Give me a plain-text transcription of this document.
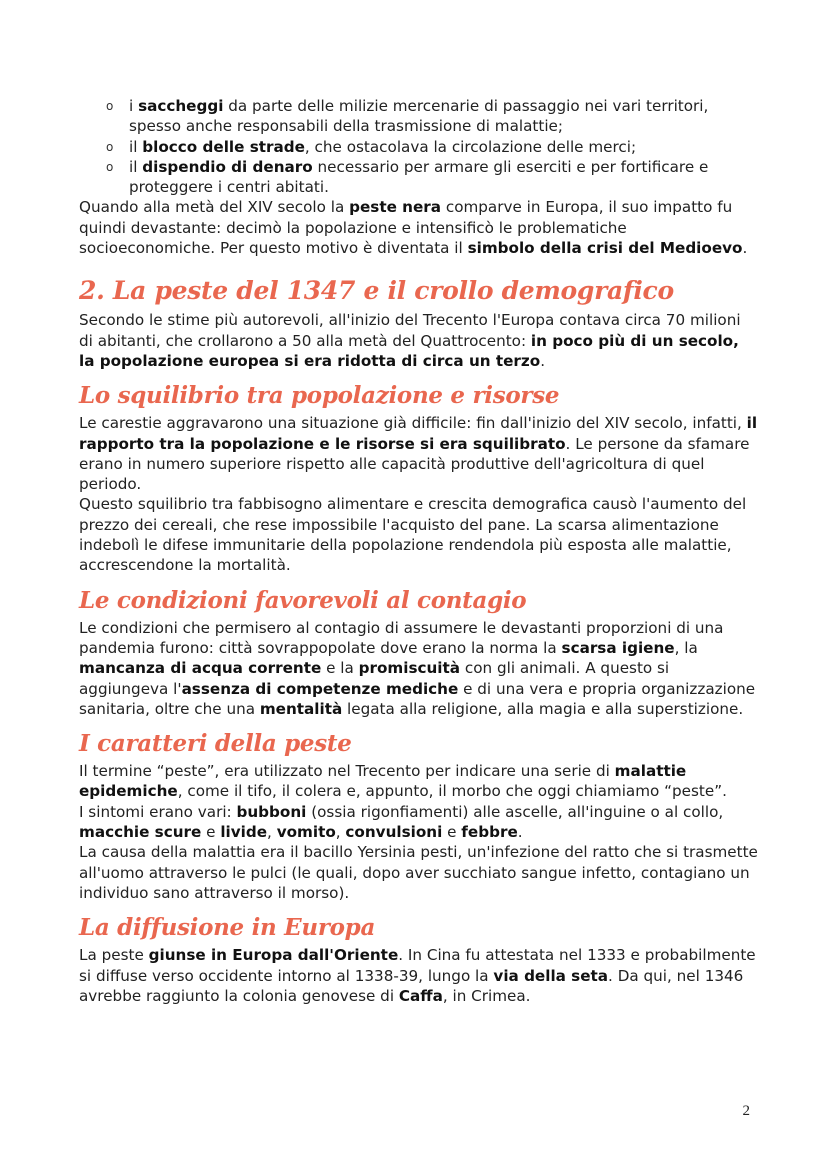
o i saccheggi da parte delle milizie mercenarie di passaggio nei vari territori, spesso anche responsabili della trasmissione di malattie;
o il blocco delle strade, che ostacolava la circolazione delle merci;
o il dispendio di denaro necessario per armare gli eserciti e per fortificare e proteggere i centri abitati.

Quando alla metà del XIV secolo la peste nera comparve in Europa, il suo impatto fu quindi devastante: decimò la popolazione e intensificò le problematiche socioeconomiche. Per questo motivo è diventata il simbolo della crisi del Medioevo.

2. La peste del 1347 e il crollo demografico

Secondo le stime più autorevoli, all'inizio del Trecento l'Europa contava circa 70 milioni di abitanti, che crollarono a 50 alla metà del Quattrocento: in poco più di un secolo, la popolazione europea si era ridotta di circa un terzo.

Lo squilibrio tra popolazione e risorse

Le carestie aggravarono una situazione già difficile: fin dall'inizio del XIV secolo, infatti, il rapporto tra la popolazione e le risorse si era squilibrato. Le persone da sfamare erano in numero superiore rispetto alle capacità produttive dell'agricoltura di quel periodo.

Questo squilibrio tra fabbisogno alimentare e crescita demografica causò l'aumento del prezzo dei cereali, che rese impossibile l'acquisto del pane. La scarsa alimentazione indebolì le difese immunitarie della popolazione rendendola più esposta alle malattie, accrescendone la mortalità.

Le condizioni favorevoli al contagio

Le condizioni che permisero al contagio di assumere le devastanti proporzioni di una pandemia furono: città sovrappopolate dove erano la norma la scarsa igiene, la mancanza di acqua corrente e la promiscuità con gli animali. A questo si aggiungeva l'assenza di competenze mediche e di una vera e propria organizzazione sanitaria, oltre che una mentalità legata alla religione, alla magia e alla superstizione.

I caratteri della peste

Il termine “peste”, era utilizzato nel Trecento per indicare una serie di malattie epidemiche, come il tifo, il colera e, appunto, il morbo che oggi chiamiamo “peste”.

I sintomi erano vari: bubboni (ossia rigonfiamenti) alle ascelle, all'inguine o al collo, macchie scure e livide, vomito, convulsioni e febbre.

La causa della malattia era il bacillo Yersinia pesti, un'infezione del ratto che si trasmette all'uomo attraverso le pulci (le quali, dopo aver succhiato sangue infetto, contagiano un individuo sano attraverso il morso).

La diffusione in Europa

La peste giunse in Europa dall'Oriente. In Cina fu attestata nel 1333 e probabilmente si diffuse verso occidente intorno al 1338-39, lungo la via della seta. Da qui, nel 1346 avrebbe raggiunto la colonia genovese di Caffa, in Crimea.

2
